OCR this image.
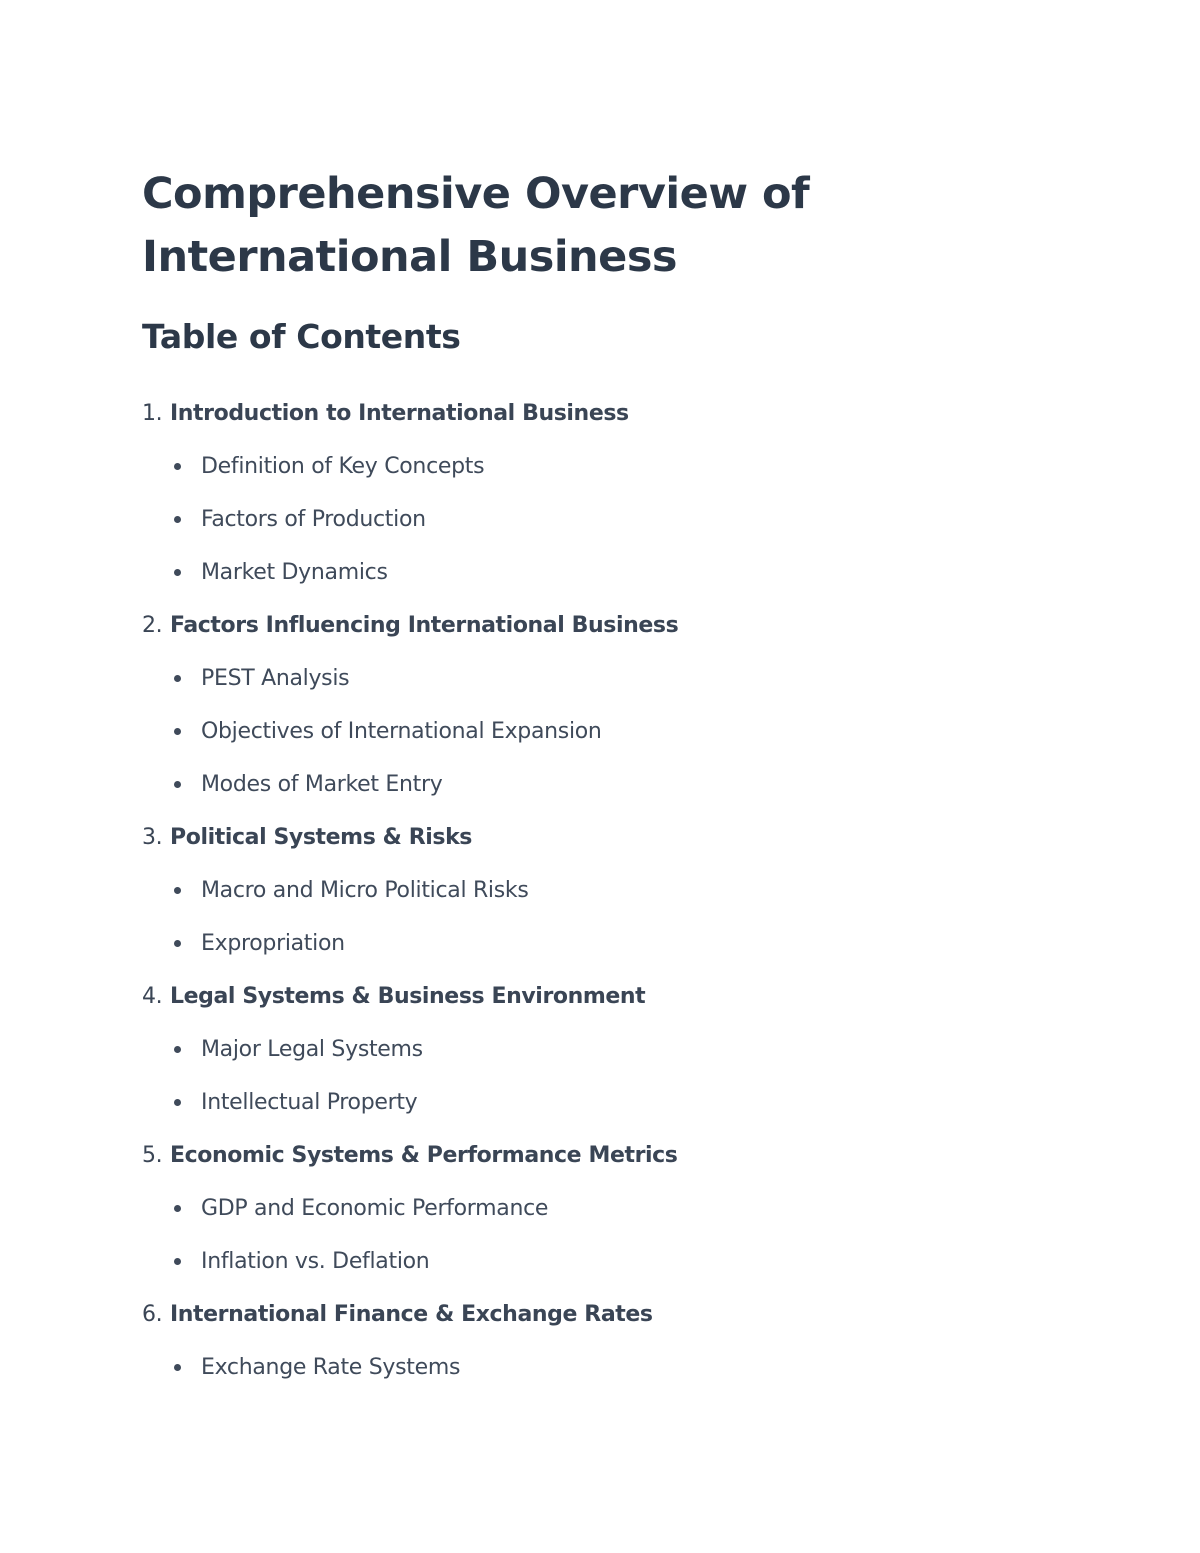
Comprehensive Overview of International Business
Table of Contents
1. Introduction to International Business
Definition of Key Concepts
Factors of Production
Market Dynamics
2. Factors Influencing International Business
PEST Analysis
Objectives of International Expansion
Modes of Market Entry
3. Political Systems & Risks
Macro and Micro Political Risks
Expropriation
4. Legal Systems & Business Environment
Major Legal Systems
Intellectual Property
5. Economic Systems & Performance Metrics
GDP and Economic Performance
Inflation vs. Deflation
6. International Finance & Exchange Rates
Exchange Rate Systems
